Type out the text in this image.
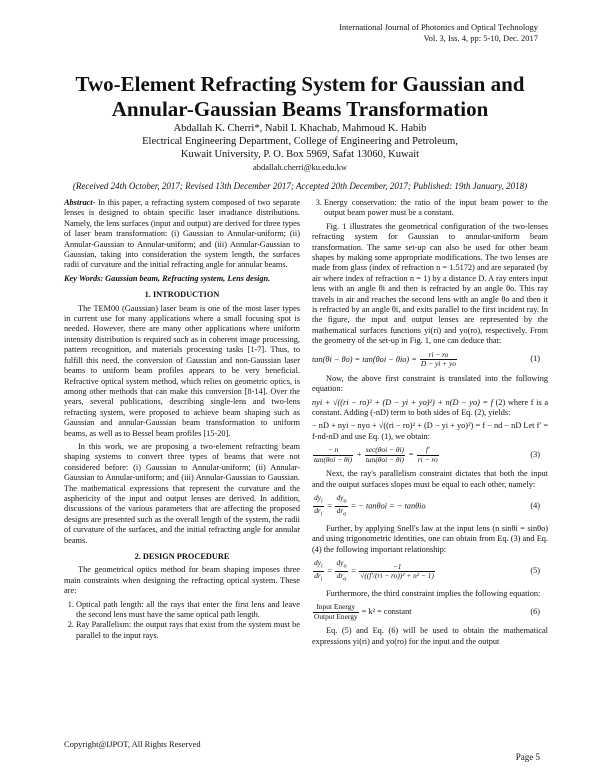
International Journal of Photonics and Optical Technology
Vol. 3, Iss. 4, pp: 5-10, Dec. 2017
Two-Element Refracting System for Gaussian and Annular-Gaussian Beams Transformation
Abdallah K. Cherri*, Nabil I. Khachab, Mahmoud K. Habib
Electrical Engineering Department, College of Engineering and Petroleum,
Kuwait University, P. O. Box 5969, Safat 13060, Kuwait
abdallah.cherri@ku.edu.kw
(Received 24th October, 2017; Revised 13th December 2017; Accepted 20th December, 2017; Published: 19th January, 2018)

Abstract- In this paper, a refracting system composed of two separate lenses is designed to obtain specific laser irradiance distributions. Namely, the lens surfaces (input and output) are derived for three types of laser beam transformation: (i) Gaussian to Annular-uniform; (ii) Annular-Gaussian to Annular-uniform; and (iii) Annular-Gaussian to Gaussian, taking into consideration the system length, the surfaces radii of curvature and the initial refracting angle for annular beams.

Key Words: Gaussian beam, Refracting system, Lens design.

1. INTRODUCTION

The TEM00 (Gaussian) laser beam is one of the most laser types in current use for many applications where a small focusing spot is needed. However, there are many other applications where uniform intensity distribution is required such as in coherent image processing, pattern recognition, and materials processing tasks [1-7]. Thus, to fulfill this need, the conversion of Gaussian and non-Gaussian laser beams to uniform beam profiles appears to be very beneficial. Refractive optical system method, which relies on geometric optics, is among other methods that can make this conversion [8-14]. Over the years, several publications, describing single-lens and two-lens refracting system, were proposed to achieve beam shaping such as Gaussian and annular-Gaussian beam transformation to uniform beams, as well as to Bessel beam profiles [15-20].

In this work, we are proposing a two-element refracting beam shaping systems to convert three types of beams that were not considered before: (i) Gaussian to Annular-uniform; (ii) Annular-Gaussian to Annular-uniform; and (iii) Annular-Gaussian to Gaussian. The mathematical expressions that represent the curvature and the asphericity of the input and output lenses are derived. In addition, discussions of the various parameters that are affecting the proposed designs are presented such as the overall length of the system, the radii of curvature of the surfaces, and the initial refracting angle for annular beams.

2. DESIGN PROCEDURE

The geometrical optics method for beam shaping imposes three main constraints when designing the refracting optical system. These are:

1. Optical path length: all the rays that enter the first lens and leave the second lens must have the same optical path length.
2. Ray Parallelism: the output rays that exist from the system must be parallel to the input rays.
3. Energy conservation: the ratio of the input beam power to the output beam power must be a constant.

Fig. 1 illustrates the geometrical configuration of the two-lenses refracting system for Gaussian to annular-uniform beam transformation. The same set-up can also be used for other beam shapes by making some appropriate modifications. The two lenses are made from glass (index of refraction n = 1.5172) and are separated (by air where index of refraction n = 1) by a distance D. A ray enters input lens with an angle θi and then is refracted by an angle θo. This ray travels in air and reaches the second lens with an angle θo and then it is refracted by an angle θi, and exits parallel to the first incident ray. In the figure, the input and output lenses are represented by the mathematical surfaces functions yi(ri) and yo(ro), respectively. From the geometry of the set-up in Fig. 1, one can deduce that:

$\tan(\theta i - \theta o) = \tan(\theta oi - \theta io) = \frac{ri - ro}{D - yi + yo}$	(1)

Now, the above first constraint is translated into the following equation:

nyi + √((ri − ro)² + (D − yi + yo)²) + n(D − yo) = f (2) where f is a constant. Adding (-nD) term to both sides of Eq. (2), yields:

− nD + nyi − nyo + √((ri − ro)² + (D − yi + yo)²) = f − nd − nD Let f′ = f-nd-nD and use Eq. (1), we obtain:

$\frac{- n}{\text{tan(θoi − θi)}} + \frac{\text{sec(θoi − θi)}}{\text{tan(θoi − θi)}} = \frac{f'}{ri - ro}$	(3)

Next, the ray's parallelism constraint dictates that both the input and the output surfaces slopes must be equal to each other, namely:

$\frac{dy_i}{dr_i} = \frac{dy_o}{dr_o}$ = − tanθoi = − tanθio	(4)

Further, by applying Snell's law at the input lens (n sinθi = sinθo) and using trigonometric identities, one can obtain from Eq. (3) and Eq. (4) the following important relationship:

$\frac{dy_i}{dr_i} = \frac{dy_o}{dr_o} = \frac{-1}{\text{√((f′/(ri − ro))² + n² − 1)}}$	(5)

Furthermore, the third constraint implies the following equation:

$\frac{\text{Input Energy}}{\text{Output Energy}} = k^2$ = constant	(6)

Eq. (5) and Eq. (6) will be used to obtain the mathematical expressions yi(ri) and yo(ro) for the input and the output

Copyright@IJPOT, All Rights Reserved
Page 5
